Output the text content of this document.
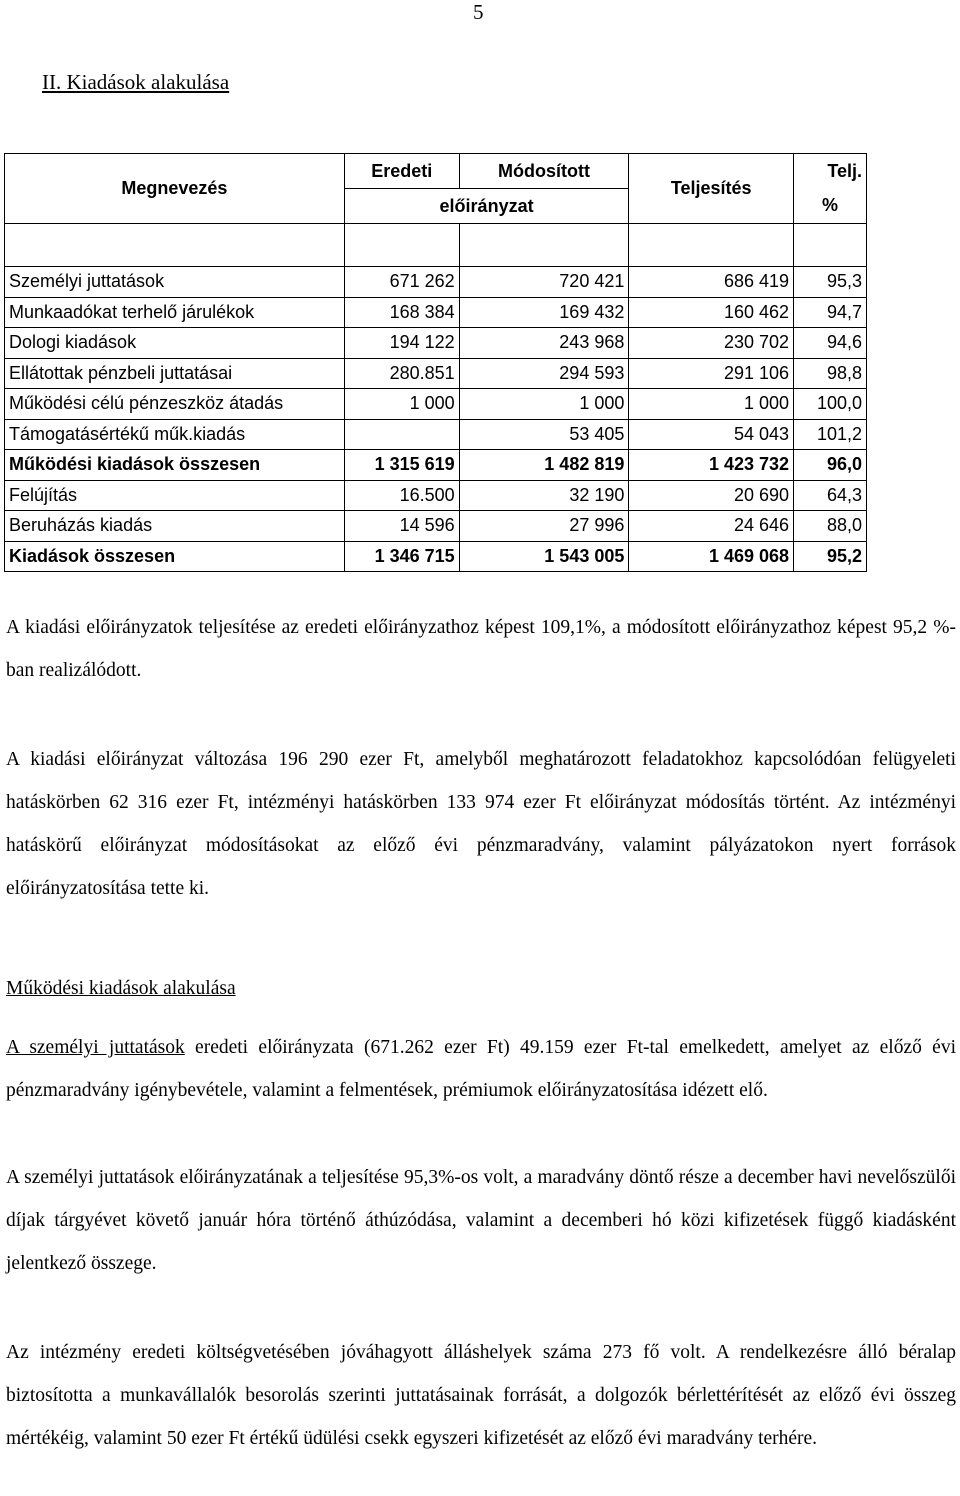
5
II. Kiadások alakulása
Megnevezés	Eredeti	Módosított	Teljesítés	Telj.
	előirányzat			%

Személyi juttatások	671 262	720 421	686 419	95,3
Munkaadókat terhelő járulékok	168 384	169 432	160 462	94,7
Dologi kiadások	194 122	243 968	230 702	94,6
Ellátottak pénzbeli juttatásai	280.851	294 593	291 106	98,8
Működési célú pénzeszköz átadás	1 000	1 000	1 000	100,0
Támogatásértékű műk.kiadás		53 405	54 043	101,2
Működési kiadások összesen	1 315 619	1 482 819	1 423 732	96,0
Felújítás	16.500	32 190	20 690	64,3
Beruházás kiadás	14 596	27 996	24 646	88,0
Kiadások összesen	1 346 715	1 543 005	1 469 068	95,2

A kiadási előirányzatok teljesítése az eredeti előirányzathoz képest 109,1%, a módosított előirányzathoz képest 95,2 %-ban realizálódott.

A kiadási előirányzat változása 196 290 ezer Ft, amelyből meghatározott feladatokhoz kapcsolódóan felügyeleti hatáskörben 62 316 ezer Ft, intézményi hatáskörben 133 974 ezer Ft előirányzat módosítás történt. Az intézményi hatáskörű előirányzat módosításokat az előző évi pénzmaradvány, valamint pályázatokon nyert források előirányzatosítása tette ki.

Működési kiadások alakulása

A személyi juttatások eredeti előirányzata (671.262 ezer Ft) 49.159 ezer Ft-tal emelkedett, amelyet az előző évi pénzmaradvány igénybevétele, valamint a felmentések, prémiumok előirányzatosítása idézett elő.

A személyi juttatások előirányzatának a teljesítése 95,3%-os volt, a maradvány döntő része a december havi nevelőszülői díjak tárgyévet követő január hóra történő áthúzódása, valamint a decemberi hó közi kifizetések függő kiadásként jelentkező összege.

Az intézmény eredeti költségvetésében jóváhagyott álláshelyek száma 273 fő volt. A rendelkezésre álló béralap biztosította a munkavállalók besorolás szerinti juttatásainak forrását, a dolgozók bérlettérítését az előző évi összeg mértékéig, valamint 50 ezer Ft értékű üdülési csekk egyszeri kifizetését az előző évi maradvány terhére.
